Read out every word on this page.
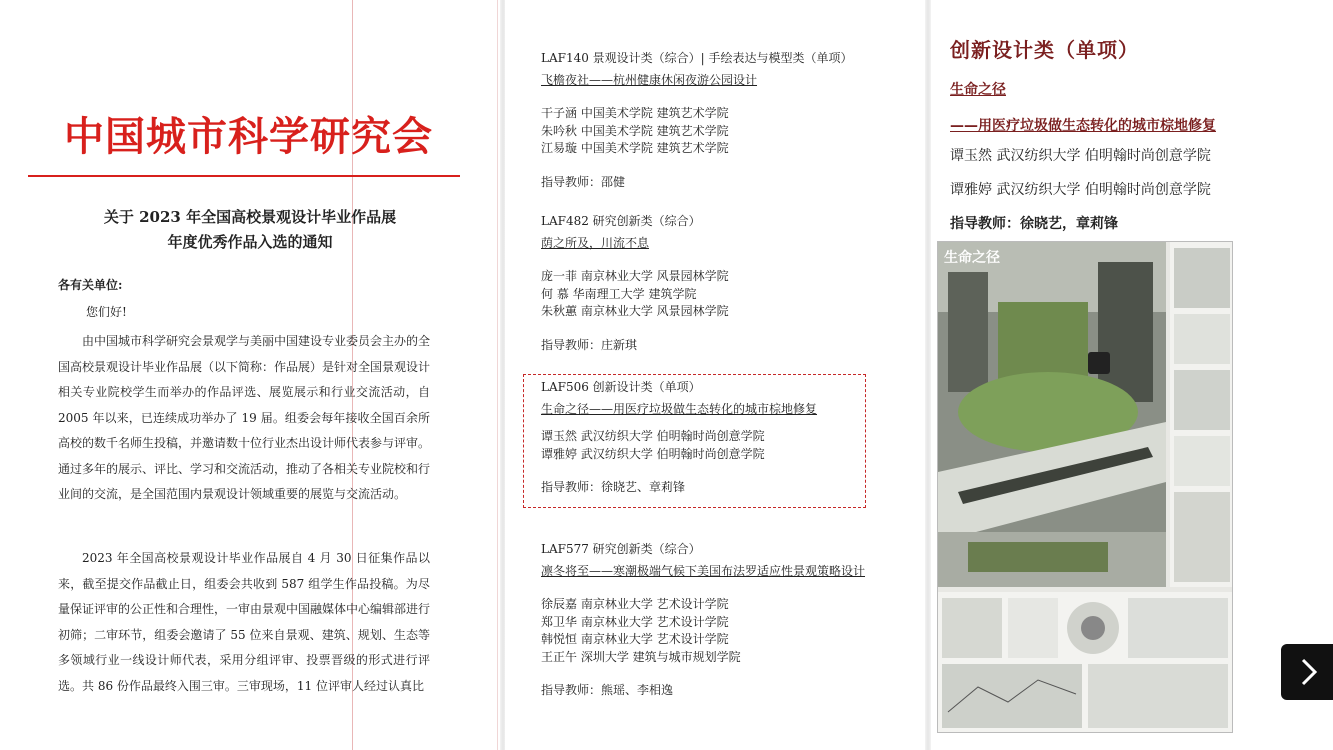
中国城市科学研究会
关于 2023 年全国高校景观设计毕业作品展
年度优秀作品入选的通知
各有关单位:
您们好!

由中国城市科学研究会景观学与美丽中国建设专业委员会主办的全国高校景观设计毕业作品展（以下简称：作品展）是针对全国景观设计相关专业院校学生而举办的作品评选、展览展示和行业交流活动，自 2005 年以来，已连续成功举办了 19 届。组委会每年接收全国百余所高校的数千名师生投稿，并邀请数十位行业杰出设计师代表参与评审。通过多年的展示、评比、学习和交流活动，推动了各相关专业院校和行业间的交流，是全国范围内景观设计领域重要的展览与交流活动。

2023 年全国高校景观设计毕业作品展自 4 月 30 日征集作品以来，截至提交作品截止日，组委会共收到 587 组学生作品投稿。为尽量保证评审的公正性和合理性，一审由景观中国融媒体中心编辑部进行初筛；二审环节，组委会邀请了 55 位来自景观、建筑、规划、生态等多领域行业一线设计师代表，采用分组评审、投票晋级的形式进行评选。共 86 份作品最终入围三审。三审现场，11 位评审人经过认真比

LAF140 景观设计类（综合）| 手绘表达与模型类（单项）
飞檐夜社——杭州健康休闲夜游公园设计
干子涵 中国美术学院 建筑艺术学院
朱吟秋 中国美术学院 建筑艺术学院
江易璇 中国美术学院 建筑艺术学院
指导教师：邵健
LAF482 研究创新类（综合）
荫之所及，川流不息
庞一菲 南京林业大学 风景园林学院
何 慕 华南理工大学 建筑学院
朱秋蕙 南京林业大学 风景园林学院
指导教师：庄新琪
LAF506 创新设计类（单项）
生命之径——用医疗垃圾做生态转化的城市棕地修复
谭玉然 武汉纺织大学 伯明翰时尚创意学院
谭雅婷 武汉纺织大学 伯明翰时尚创意学院
指导教师：徐晓艺、章莉锋
LAF577 研究创新类（综合）
凛冬将至——寒潮极端气候下美国布法罗适应性景观策略设计
徐辰嘉 南京林业大学 艺术设计学院
郑卫华 南京林业大学 艺术设计学院
韩悦恒 南京林业大学 艺术设计学院
王正午 深圳大学 建筑与城市规划学院
指导教师：熊瑶、李相逸
创新设计类（单项）
生命之径
——用医疗垃圾做生态转化的城市棕地修复
谭玉然 武汉纺织大学 伯明翰时尚创意学院
谭雅婷 武汉纺织大学 伯明翰时尚创意学院
指导教师：徐晓艺，章莉锋
生命之径
